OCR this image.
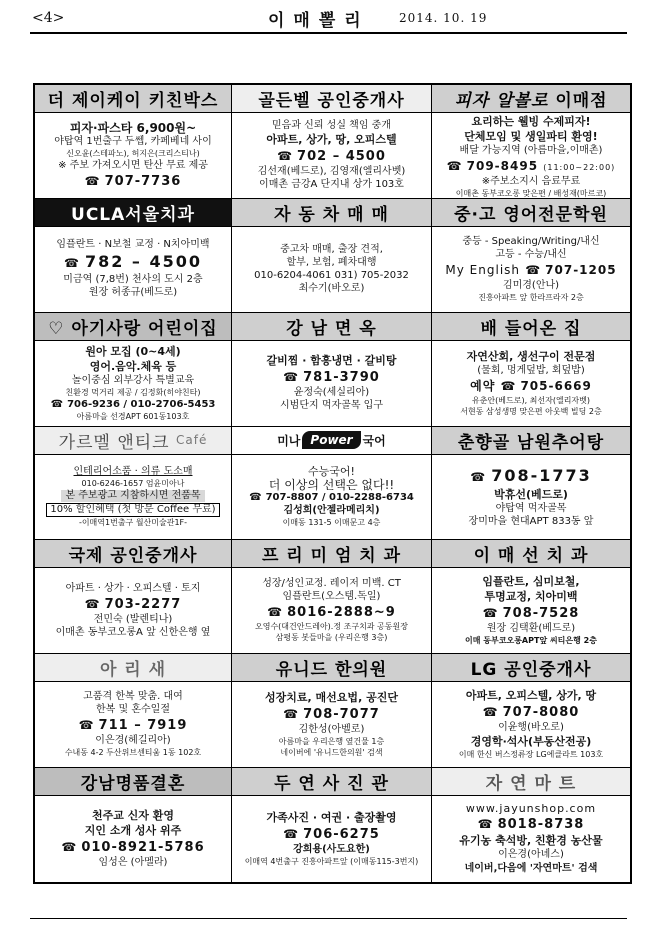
<4>	이매뽈리 2014. 10. 19
더 제이케이 키친박스
피자·파스타 6,900원~
야탑역 1번출구 두쎕, 카페베네 사이
신오윤(스테파노), 허지은(크리스티나)
※ 주보 가져오시면 탄산 무료 제공
☎ 707-7736
골든벨 공인중개사
믿음과 신뢰 성실 책임 중개
아파트, 상가, 땅, 오피스텔
☎ 702 – 4500
김선재(베드로), 김영재(엘리사벳)
이매촌 금강A 단지내 상가 103호
피자 알볼로
이매점
요리하는 웰빙 수제피자!
단체모임 및 생일파티 환영!
배달 가능지역 (아름마을,이매촌)
☎ 709-8495 (11:00~22:00)
※주보소지시 음료무료
이매촌 동부코오롱 맞은편 / 배성재(마르코)
UCLA서울치과
임플란트 · N보철 교정 · N치아미백
☎ 782 – 4500
미금역 (7,8번) 천사의 도시 2층
원장 허종규(베드로)
자 동 차 매 매
중고차 매매, 출장 견적,
할부, 보험, 폐차대행
010-6204-4061 031) 705-2032
최수기(바오로)
중·고 영어전문학원
중등 - Speaking/Writing/내신
고등 - 수능/내신
My English ☎ 707-1205
김미경(안나)
진흥아파트 앞 한라프라자 2층
♡ 아기사랑 어린이집
원아 모집 (0~4세)
영어.음악.체육 등
놀이중심 외부강사 특별교육
친환경 먹거리 제공 / 김정화(히야친타)
☎ 706-9236 / 010-2706-5453
아름마을 선경APT 601동103호
강 남 면 옥
갈비찜 · 함흥냉면 · 갈비탕
☎ 781-3790
윤정숙(세실리아)
시범단지 먹자골목 입구
배 들어온 집
자연산회, 생선구이 전문점
(물회, 멍게덮밥, 회덮밥)
예약 ☎ 705-6669
유춘안(베드로), 최선자(엘리자벳)
서현동 삼성생명 맞은편 아웃백 빌딩 2층
가르멜 앤티크
Café
인테리어소품 · 의류 도소매
010-6246-1657 엄윤미아나
본 주보광고 지참하시면 전품목
10% 할인혜택 (첫 방문 Coffee 무료)
-이매역1번출구 월산미술관1F-
미나 Power 국어
수능국어!
더 이상의 선택은 없다!!
☎ 707-8807 / 010-2288-6734
김성희(안젤라메리치)
이매동 131-5 이매문고 4층
춘향골 남원추어탕
☎ 708-1773
박휴선(베드로)
야탑역 먹자골목
장미마을 현대APT 833동 앞
국제 공인중개사
아파트 · 상가 · 오피스텔 · 토지
☎ 703-2277
전민숙 (발렌티나)
이매촌 동부코오롱A 앞 신한은행 옆
프 리 미 엄 치 과
성장/성인교정. 레이저 미백. CT
임플란트(오스템.독일)
☎ 8016-2888~9
오영수(대건안드레아).정 조구치과 공동원장
삼평동 봇들마을 (우리은행 3층)
이 매 선 치 과
임플란트, 심미보철,
투명교정, 치아미백
☎ 708-7528
원장 김택환(베드로)
이매 동부코오롱APT앞 씨티은행 2층
아 리 새
고품격 한복 맞춤. 대여
한복 및 혼수일절
☎ 711 – 7919
이은경(헤길리아)
수내동 4-2 두산위브센티움 1동 102호
유니드 한의원
성장치료, 매선요법, 공진단
☎ 708-7077
김한성(아벨로)
아름마을 우리은행 옆건물 1층
네이버에 '유니드한의원' 검색
LG 공인중개사
아파트, 오피스텔, 상가, 땅
☎ 707-8080
이윤행(바오로)
경영학·석사(부동산전공)
이매 한신 버스정류장 LG에클라트 103호
강남명품결혼
천주교 신자 환영
지인 소개 성사 위주
☎ 010-8921-5786
임성은 (아멜라)
두 연 사 진 관
가족사진 · 여권 · 출장촬영
☎ 706-6275
강희용(사도요한)
이매역 4번출구 진흥아파트앞 (이매동115-3번지)
자 연 마 트
www.jayunshop.com
☎ 8018-8738
유기농 축석방, 친환경 농산물
이은경(아녜스)
네이버,다음에 '자연마트' 검색
